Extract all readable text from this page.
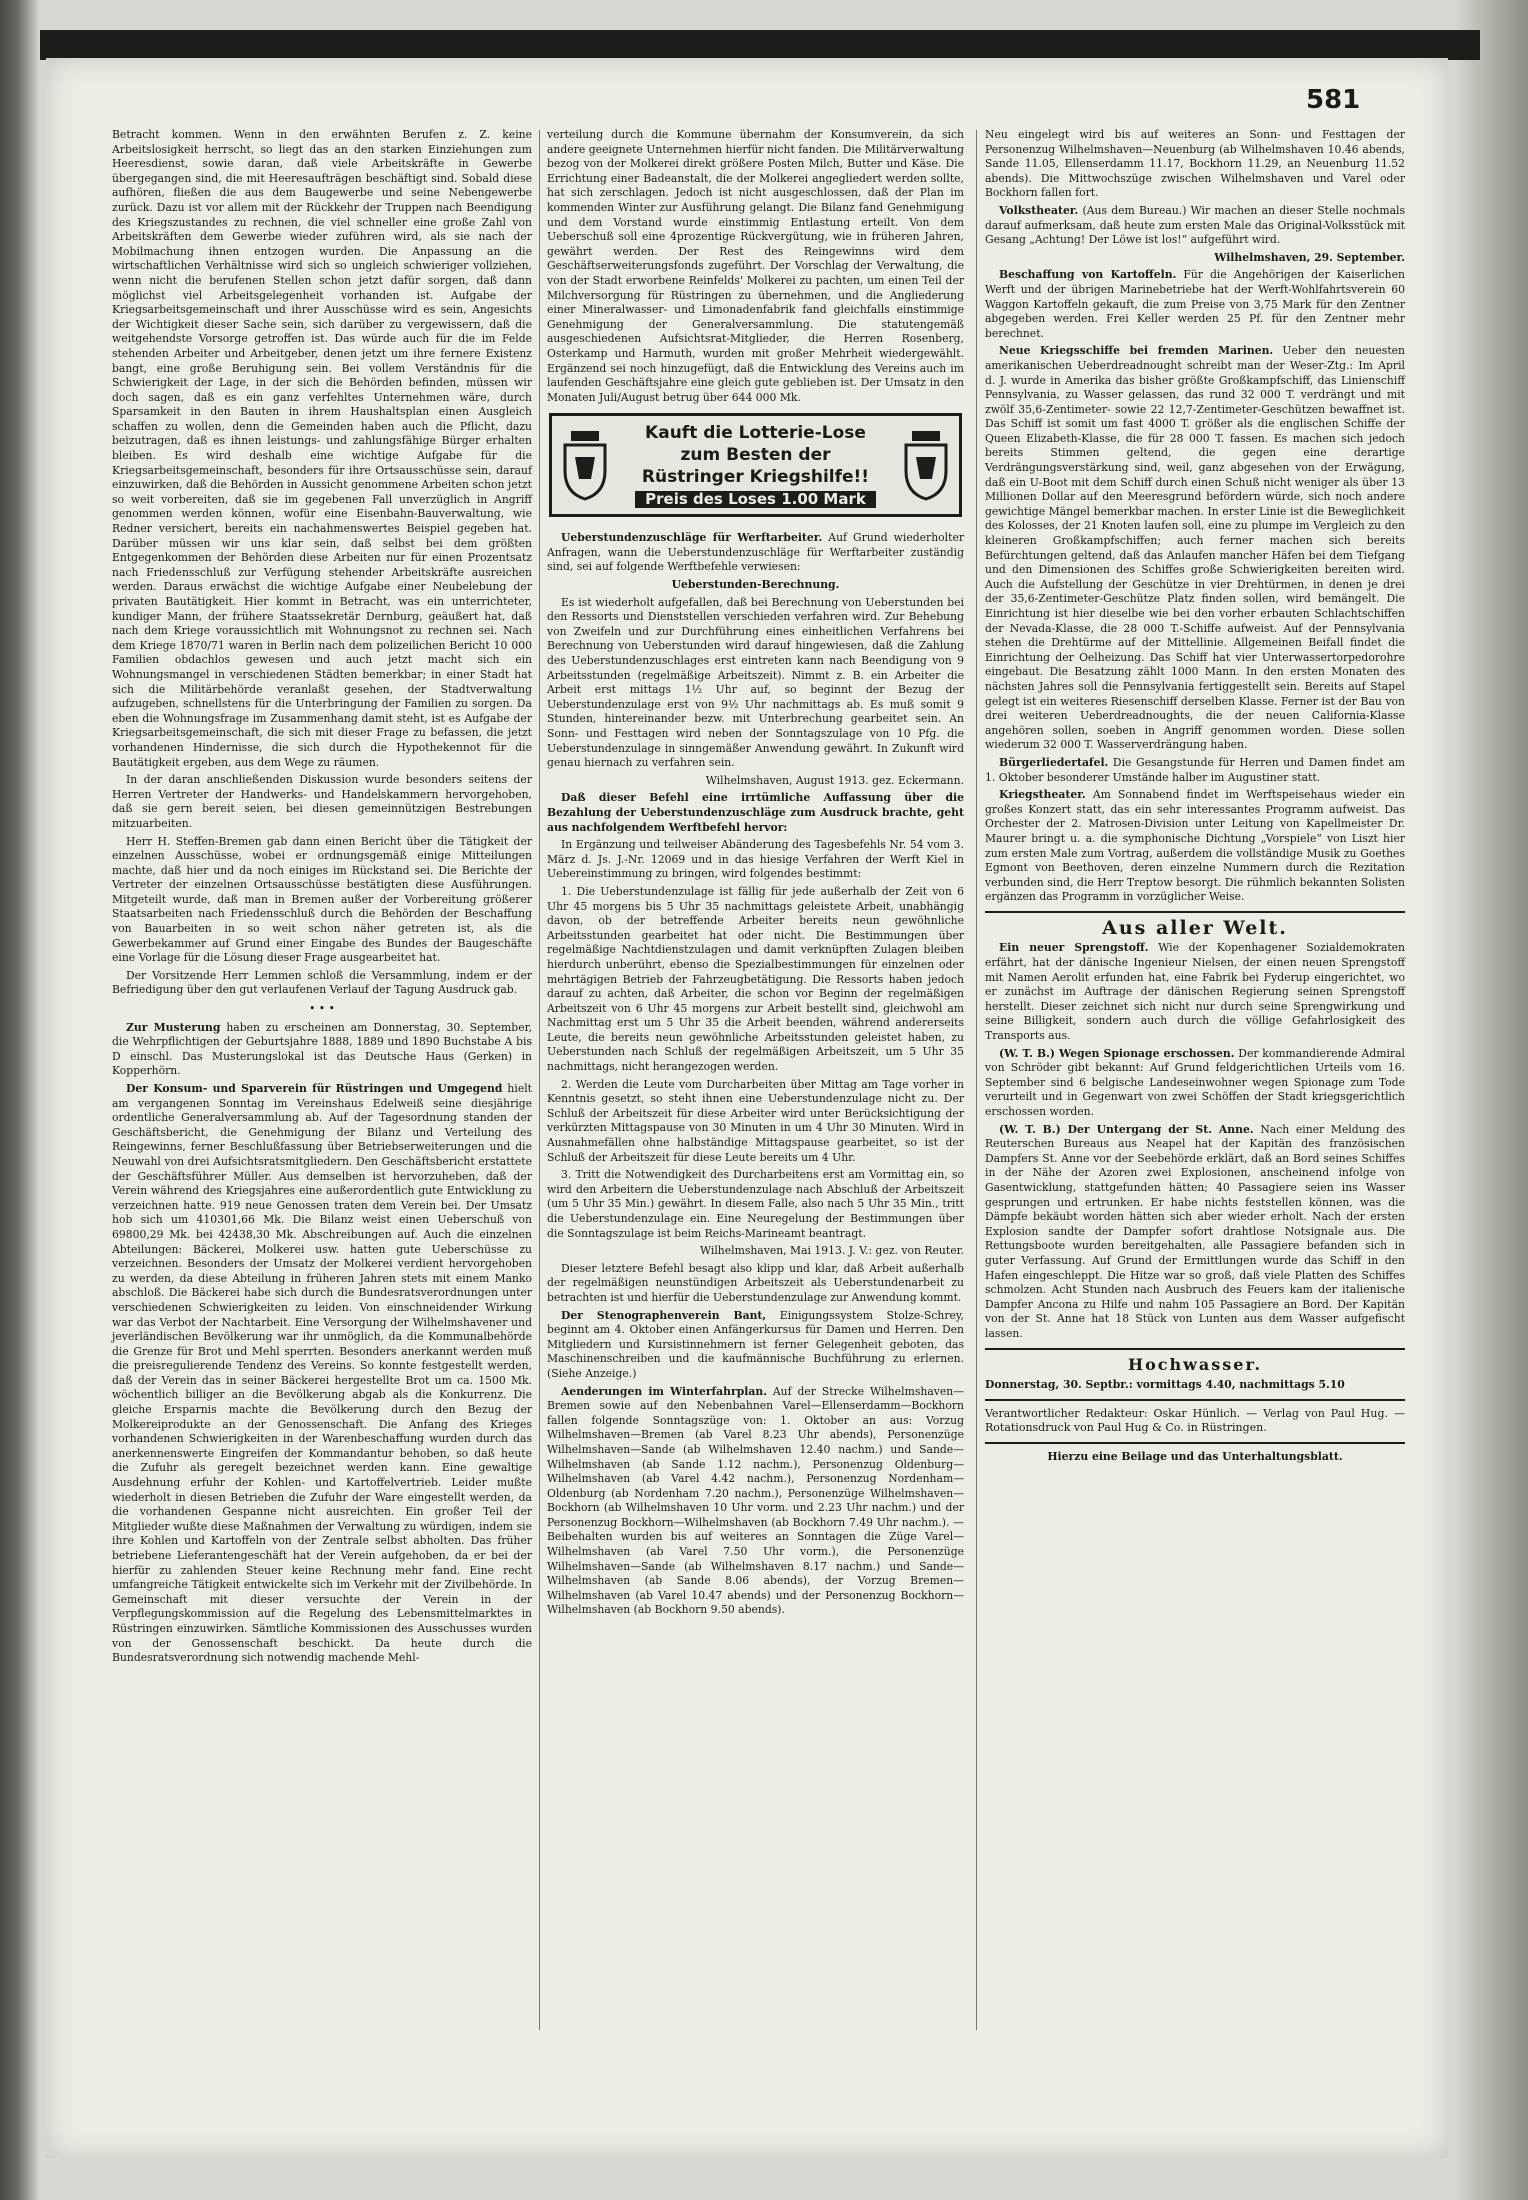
581

Betracht kommen. Wenn in den erwähnten Berufen z. Z. keine Arbeitslosigkeit herrscht, so liegt das an den starken Einziehungen zum Heeresdienst, sowie daran, daß viele Arbeitskräfte in Gewerbe übergegangen sind, die mit Heeresaufträgen beschäftigt sind. Sobald diese aufhören, fließen die aus dem Baugewerbe und seine Nebengewerbe zurück. Dazu ist vor allem mit der Rückkehr der Truppen nach Beendigung des Kriegszustandes zu rechnen, die viel schneller eine große Zahl von Arbeitskräften dem Gewerbe wieder zuführen wird, als sie nach der Mobilmachung ihnen entzogen wurden. Die Anpassung an die wirtschaftlichen Verhältnisse wird sich so ungleich schwieriger vollziehen, wenn nicht die berufenen Stellen schon jetzt dafür sorgen, daß dann möglichst viel Arbeitsgelegenheit vorhanden ist. Aufgabe der Kriegsarbeitsgemeinschaft und ihrer Ausschüsse wird es sein, Angesichts der Wichtigkeit dieser Sache sein, sich darüber zu vergewissern, daß die weitgehendste Vorsorge getroffen ist. Das würde auch für die im Felde stehenden Arbeiter und Arbeitgeber, denen jetzt um ihre fernere Existenz bangt, eine große Beruhigung sein. Bei vollem Verständnis für die Schwierigkeit der Lage, in der sich die Behörden befinden, müssen wir doch sagen, daß es ein ganz verfehltes Unternehmen wäre, durch Sparsamkeit in den Bauten in ihrem Haushaltsplan einen Ausgleich schaffen zu wollen, denn die Gemeinden haben auch die Pflicht, dazu beizutragen, daß es ihnen leistungs- und zahlungsfähige Bürger erhalten bleiben. Es wird deshalb eine wichtige Aufgabe für die Kriegsarbeitsgemeinschaft, besonders für ihre Ortsausschüsse sein, darauf einzuwirken, daß die Behörden in Aussicht genommene Arbeiten schon jetzt so weit vorbereiten, daß sie im gegebenen Fall unverzüglich in Angriff genommen werden können, wofür eine Eisenbahn-Bauverwaltung, wie Redner versichert, bereits ein nachahmenswertes Beispiel gegeben hat. Darüber müssen wir uns klar sein, daß selbst bei dem größten Entgegenkommen der Behörden diese Arbeiten nur für einen Prozentsatz nach Friedensschluß zur Verfügung stehender Arbeitskräfte ausreichen werden. Daraus erwächst die wichtige Aufgabe einer Neubelebung der privaten Bautätigkeit. Hier kommt in Betracht, was ein unterrichteter, kundiger Mann, der frühere Staatssekretär Dernburg, geäußert hat, daß nach dem Kriege voraussichtlich mit Wohnungsnot zu rechnen sei. Nach dem Kriege 1870/71 waren in Berlin nach dem polizeilichen Bericht 10 000 Familien obdachlos gewesen und auch jetzt macht sich ein Wohnungsmangel in verschiedenen Städten bemerkbar; in einer Stadt hat sich die Militärbehörde veranlaßt gesehen, der Stadtverwaltung aufzugeben, schnellstens für die Unterbringung der Familien zu sorgen. Da eben die Wohnungsfrage im Zusammenhang damit steht, ist es Aufgabe der Kriegsarbeitsgemeinschaft, die sich mit dieser Frage zu befassen, die jetzt vorhandenen Hindernisse, die sich durch die Hypothekennot für die Bautätigkeit ergeben, aus dem Wege zu räumen.

In der daran anschließenden Diskussion wurde besonders seitens der Herren Vertreter der Handwerks- und Handelskammern hervorgehoben, daß sie gern bereit seien, bei diesen gemeinnützigen Bestrebungen mitzuarbeiten.

Herr H. Steffen-Bremen gab dann einen Bericht über die Tätigkeit der einzelnen Ausschüsse, wobei er ordnungsgemäß einige Mitteilungen machte, daß hier und da noch einiges im Rückstand sei. Die Berichte der Vertreter der einzelnen Ortsausschüsse bestätigten diese Ausführungen. Mitgeteilt wurde, daß man in Bremen außer der Vorbereitung größerer Staatsarbeiten nach Friedensschluß durch die Behörden der Beschaffung von Bauarbeiten in so weit schon näher getreten ist, als die Gewerbekammer auf Grund einer Eingabe des Bundes der Baugeschäfte eine Vorlage für die Lösung dieser Frage ausgearbeitet hat.

Der Vorsitzende Herr Lemmen schloß die Versammlung, indem er der Befriedigung über den gut verlaufenen Verlauf der Tagung Ausdruck gab.

• • •

Zur Musterung haben zu erscheinen am Donnerstag, 30. September, die Wehrpflichtigen der Geburtsjahre 1888, 1889 und 1890 Buchstabe A bis D einschl. Das Musterungslokal ist das Deutsche Haus (Gerken) in Kopperhörn.

Der Konsum- und Sparverein für Rüstringen und Umgegend hielt am vergangenen Sonntag im Vereinshaus Edelweiß seine diesjährige ordentliche Generalversammlung ab. Auf der Tagesordnung standen der Geschäftsbericht, die Genehmigung der Bilanz und Verteilung des Reingewinns, ferner Beschlußfassung über Betriebserweiterungen und die Neuwahl von drei Aufsichtsratsmitgliedern. Den Geschäftsbericht erstattete der Geschäftsführer Müller. Aus demselben ist hervorzuheben, daß der Verein während des Kriegsjahres eine außerordentlich gute Entwicklung zu verzeichnen hatte. 919 neue Genossen traten dem Verein bei. Der Umsatz hob sich um 410301,66 Mk. Die Bilanz weist einen Ueberschuß von 69800,29 Mk. bei 42438,30 Mk. Abschreibungen auf. Auch die einzelnen Abteilungen: Bäckerei, Molkerei usw. hatten gute Ueberschüsse zu verzeichnen. Besonders der Umsatz der Molkerei verdient hervorgehoben zu werden, da diese Abteilung in früheren Jahren stets mit einem Manko abschloß. Die Bäckerei habe sich durch die Bundesratsverordnungen unter verschiedenen Schwierigkeiten zu leiden. Von einschneidender Wirkung war das Verbot der Nachtarbeit. Eine Versorgung der Wilhelmshavener und jeverländischen Bevölkerung war ihr unmöglich, da die Kommunalbehörde die Grenze für Brot und Mehl sperrten. Besonders anerkannt werden muß die preisregulierende Tendenz des Vereins. So konnte festgestellt werden, daß der Verein das in seiner Bäckerei hergestellte Brot um ca. 1500 Mk. wöchentlich billiger an die Bevölkerung abgab als die Konkurrenz. Die gleiche Ersparnis machte die Bevölkerung durch den Bezug der Molkereiprodukte an der Genossenschaft. Die Anfang des Krieges vorhandenen Schwierigkeiten in der Warenbeschaffung wurden durch das anerkennenswerte Eingreifen der Kommandantur behoben, so daß heute die Zufuhr als geregelt bezeichnet werden kann. Eine gewaltige Ausdehnung erfuhr der Kohlen- und Kartoffelvertrieb. Leider mußte wiederholt in diesen Betrieben die Zufuhr der Ware eingestellt werden, da die vorhandenen Gespanne nicht ausreichten. Ein großer Teil der Mitglieder wußte diese Maßnahmen der Verwaltung zu würdigen, indem sie ihre Kohlen und Kartoffeln von der Zentrale selbst abholten. Das früher betriebene Lieferantengeschäft hat der Verein aufgehoben, da er bei der hierfür zu zahlenden Steuer keine Rechnung mehr fand. Eine recht umfangreiche Tätigkeit entwickelte sich im Verkehr mit der Zivilbehörde. In Gemeinschaft mit dieser versuchte der Verein in der Verpflegungskommission auf die Regelung des Lebensmittelmarktes in Rüstringen einzuwirken. Sämtliche Kommissionen des Ausschusses wurden von der Genossenschaft beschickt. Da heute durch die Bundesratsverordnung sich notwendig machende Mehl-

verteilung durch die Kommune übernahm der Konsumverein, da sich andere geeignete Unternehmen hierfür nicht fanden. Die Militärverwaltung bezog von der Molkerei direkt größere Posten Milch, Butter und Käse. Die Errichtung einer Badeanstalt, die der Molkerei angegliedert werden sollte, hat sich zerschlagen. Jedoch ist nicht ausgeschlossen, daß der Plan im kommenden Winter zur Ausführung gelangt. Die Bilanz fand Genehmigung und dem Vorstand wurde einstimmig Entlastung erteilt. Von dem Ueberschuß soll eine 4prozentige Rückvergütung, wie in früheren Jahren, gewährt werden. Der Rest des Reingewinns wird dem Geschäftserweiterungsfonds zugeführt. Der Vorschlag der Verwaltung, die von der Stadt erworbene Reinfelds' Molkerei zu pachten, um einen Teil der Milchversorgung für Rüstringen zu übernehmen, und die Angliederung einer Mineralwasser- und Limonadenfabrik fand gleichfalls einstimmige Genehmigung der Generalversammlung. Die statutengemäß ausgeschiedenen Aufsichtsrat-Mitglieder, die Herren Rosenberg, Osterkamp und Harmuth, wurden mit großer Mehrheit wiedergewählt. Ergänzend sei noch hinzugefügt, daß die Entwicklung des Vereins auch im laufenden Geschäftsjahre eine gleich gute geblieben ist. Der Umsatz in den Monaten Juli/August betrug über 644 000 Mk.

Kauft die Lotterie-Lose
zum Besten der
Rüstringer Kriegshilfe!!
Preis des Loses 1.00 Mark

Ueberstundenzuschläge für Werftarbeiter. Auf Grund wiederholter Anfragen, wann die Ueberstundenzuschläge für Werftarbeiter zuständig sind, sei auf folgende Werftbefehle verwiesen:

Ueberstunden-Berechnung.

Es ist wiederholt aufgefallen, daß bei Berechnung von Ueberstunden bei den Ressorts und Dienststellen verschieden verfahren wird. Zur Behebung von Zweifeln und zur Durchführung eines einheitlichen Verfahrens bei Berechnung von Ueberstunden wird darauf hingewiesen, daß die Zahlung des Ueberstundenzuschlages erst eintreten kann nach Beendigung von 9 Arbeitsstunden (regelmäßige Arbeitszeit). Nimmt z. B. ein Arbeiter die Arbeit erst mittags 1½ Uhr auf, so beginnt der Bezug der Ueberstundenzulage erst von 9½ Uhr nachmittags ab. Es muß somit 9 Stunden, hintereinander bezw. mit Unterbrechung gearbeitet sein. An Sonn- und Festtagen wird neben der Sonntagszulage von 10 Pfg. die Ueberstundenzulage in sinngemäßer Anwendung gewährt. In Zukunft wird genau hiernach zu verfahren sein.

Wilhelmshaven, August 1913. gez. Eckermann.

Daß dieser Befehl eine irrtümliche Auffassung über die Bezahlung der Ueberstundenzuschläge zum Ausdruck brachte, geht aus nachfolgendem Werftbefehl hervor:

In Ergänzung und teilweiser Abänderung des Tagesbefehls Nr. 54 vom 3. März d. Js. J.-Nr. 12069 und in das hiesige Verfahren der Werft Kiel in Uebereinstimmung zu bringen, wird folgendes bestimmt:

1. Die Ueberstundenzulage ist fällig für jede außerhalb der Zeit von 6 Uhr 45 morgens bis 5 Uhr 35 nachmittags geleistete Arbeit, unabhängig davon, ob der betreffende Arbeiter bereits neun gewöhnliche Arbeitsstunden gearbeitet hat oder nicht. Die Bestimmungen über regelmäßige Nachtdienstzulagen und damit verknüpften Zulagen bleiben hierdurch unberührt, ebenso die Spezialbestimmungen für einzelnen oder mehrtägigen Betrieb der Fahrzeugbetätigung. Die Ressorts haben jedoch darauf zu achten, daß Arbeiter, die schon vor Beginn der regelmäßigen Arbeitszeit von 6 Uhr 45 morgens zur Arbeit bestellt sind, gleichwohl am Nachmittag erst um 5 Uhr 35 die Arbeit beenden, während andererseits Leute, die bereits neun gewöhnliche Arbeitsstunden geleistet haben, zu Ueberstunden nach Schluß der regelmäßigen Arbeitszeit, um 5 Uhr 35 nachmittags, nicht herangezogen werden.

2. Werden die Leute vom Durcharbeiten über Mittag am Tage vorher in Kenntnis gesetzt, so steht ihnen eine Ueberstundenzulage nicht zu. Der Schluß der Arbeitszeit für diese Arbeiter wird unter Berücksichtigung der verkürzten Mittagspause von 30 Minuten in um 4 Uhr 30 Minuten. Wird in Ausnahmefällen ohne halbständige Mittagspause gearbeitet, so ist der Schluß der Arbeitszeit für diese Leute bereits um 4 Uhr.

3. Tritt die Notwendigkeit des Durcharbeitens erst am Vormittag ein, so wird den Arbeitern die Ueberstundenzulage nach Abschluß der Arbeitszeit (um 5 Uhr 35 Min.) gewährt. In diesem Falle, also nach 5 Uhr 35 Min., tritt die Ueberstundenzulage ein. Eine Neuregelung der Bestimmungen über die Sonntagszulage ist beim Reichs-Marineamt beantragt.

Wilhelmshaven, Mai 1913. J. V.: gez. von Reuter.

Dieser letztere Befehl besagt also klipp und klar, daß Arbeit außerhalb der regelmäßigen neunstündigen Arbeitszeit als Ueberstundenarbeit zu betrachten ist und hierfür die Ueberstundenzulage zur Anwendung kommt.

Der Stenographenverein Bant, Einigungssystem Stolze-Schrey, beginnt am 4. Oktober einen Anfängerkursus für Damen und Herren. Den Mitgliedern und Kursistinnehmern ist ferner Gelegenheit geboten, das Maschinenschreiben und die kaufmännische Buchführung zu erlernen. (Siehe Anzeige.)

Aenderungen im Winterfahrplan. Auf der Strecke Wilhelmshaven—Bremen sowie auf den Nebenbahnen Varel—Ellenserdamm—Bockhorn fallen folgende Sonntagszüge von: 1. Oktober an aus: Vorzug Wilhelmshaven—Bremen (ab Varel 8.23 Uhr abends), Personenzüge Wilhelmshaven—Sande (ab Wilhelmshaven 12.40 nachm.) und Sande—Wilhelmshaven (ab Sande 1.12 nachm.), Personenzug Oldenburg—Wilhelmshaven (ab Varel 4.42 nachm.), Personenzug Nordenham—Oldenburg (ab Nordenham 7.20 nachm.), Personenzüge Wilhelmshaven—Bockhorn (ab Wilhelmshaven 10 Uhr vorm. und 2.23 Uhr nachm.) und der Personenzug Bockhorn—Wilhelmshaven (ab Bockhorn 7.49 Uhr nachm.). — Beibehalten wurden bis auf weiteres an Sonntagen die Züge Varel—Wilhelmshaven (ab Varel 7.50 Uhr vorm.), die Personenzüge Wilhelmshaven—Sande (ab Wilhelmshaven 8.17 nachm.) und Sande—Wilhelmshaven (ab Sande 8.06 abends), der Vorzug Bremen—Wilhelmshaven (ab Varel 10.47 abends) und der Personenzug Bockhorn—Wilhelmshaven (ab Bockhorn 9.50 abends).

Neu eingelegt wird bis auf weiteres an Sonn- und Festtagen der Personenzug Wilhelmshaven—Neuenburg (ab Wilhelmshaven 10.46 abends, Sande 11.05, Ellenserdamm 11.17, Bockhorn 11.29, an Neuenburg 11.52 abends). Die Mittwochszüge zwischen Wilhelmshaven und Varel oder Bockhorn fallen fort.

Volkstheater. (Aus dem Bureau.) Wir machen an dieser Stelle nochmals darauf aufmerksam, daß heute zum ersten Male das Original-Volksstück mit Gesang „Achtung! Der Löwe ist los!“ aufgeführt wird.

Wilhelmshaven, 29. September.

Beschaffung von Kartoffeln. Für die Angehörigen der Kaiserlichen Werft und der übrigen Marinebetriebe hat der Werft-Wohlfahrtsverein 60 Waggon Kartoffeln gekauft, die zum Preise von 3,75 Mark für den Zentner abgegeben werden. Frei Keller werden 25 Pf. für den Zentner mehr berechnet.

Neue Kriegsschiffe bei fremden Marinen. Ueber den neuesten amerikanischen Ueberdreadnought schreibt man der Weser-Ztg.: Im April d. J. wurde in Amerika das bisher größte Großkampfschiff, das Linienschiff Pennsylvania, zu Wasser gelassen, das rund 32 000 T. verdrängt und mit zwölf 35,6-Zentimeter- sowie 22 12,7-Zentimeter-Geschützen bewaffnet ist. Das Schiff ist somit um fast 4000 T. größer als die englischen Schiffe der Queen Elizabeth-Klasse, die für 28 000 T. fassen. Es machen sich jedoch bereits Stimmen geltend, die gegen eine derartige Verdrängungsverstärkung sind, weil, ganz abgesehen von der Erwägung, daß ein U-Boot mit dem Schiff durch einen Schuß nicht weniger als über 13 Millionen Dollar auf den Meeresgrund befördern würde, sich noch andere gewichtige Mängel bemerkbar machen. In erster Linie ist die Beweglichkeit des Kolosses, der 21 Knoten laufen soll, eine zu plumpe im Vergleich zu den kleineren Großkampfschiffen; auch ferner machen sich bereits Befürchtungen geltend, daß das Anlaufen mancher Häfen bei dem Tiefgang und den Dimensionen des Schiffes große Schwierigkeiten bereiten wird. Auch die Aufstellung der Geschütze in vier Drehtürmen, in denen je drei der 35,6-Zentimeter-Geschütze Platz finden sollen, wird bemängelt. Die Einrichtung ist hier dieselbe wie bei den vorher erbauten Schlachtschiffen der Nevada-Klasse, die 28 000 T.-Schiffe aufweist. Auf der Pennsylvania stehen die Drehtürme auf der Mittellinie. Allgemeinen Beifall findet die Einrichtung der Oelheizung. Das Schiff hat vier Unterwassertorpedorohre eingebaut. Die Besatzung zählt 1000 Mann. In den ersten Monaten des nächsten Jahres soll die Pennsylvania fertiggestellt sein. Bereits auf Stapel gelegt ist ein weiteres Riesenschiff derselben Klasse. Ferner ist der Bau von drei weiteren Ueberdreadnoughts, die der neuen California-Klasse angehören sollen, soeben in Angriff genommen worden. Diese sollen wiederum 32 000 T. Wasserverdrängung haben.

Bürgerliedertafel. Die Gesangstunde für Herren und Damen findet am 1. Oktober besonderer Umstände halber im Augustiner statt.

Kriegstheater. Am Sonnabend findet im Werftspeisehaus wieder ein großes Konzert statt, das ein sehr interessantes Programm aufweist. Das Orchester der 2. Matrosen-Division unter Leitung von Kapellmeister Dr. Maurer bringt u. a. die symphonische Dichtung „Vorspiele“ von Liszt hier zum ersten Male zum Vortrag, außerdem die vollständige Musik zu Goethes Egmont von Beethoven, deren einzelne Nummern durch die Rezitation verbunden sind, die Herr Treptow besorgt. Die rühmlich bekannten Solisten ergänzen das Programm in vorzüglicher Weise.

Aus aller Welt.

Ein neuer Sprengstoff. Wie der Kopenhagener Sozialdemokraten erfährt, hat der dänische Ingenieur Nielsen, der einen neuen Sprengstoff mit Namen Aerolit erfunden hat, eine Fabrik bei Fyderup eingerichtet, wo er zunächst im Auftrage der dänischen Regierung seinen Sprengstoff herstellt. Dieser zeichnet sich nicht nur durch seine Sprengwirkung und seine Billigkeit, sondern auch durch die völlige Gefahrlosigkeit des Transports aus.

(W. T. B.) Wegen Spionage erschossen. Der kommandierende Admiral von Schröder gibt bekannt: Auf Grund feldgerichtlichen Urteils vom 16. September sind 6 belgische Landeseinwohner wegen Spionage zum Tode verurteilt und in Gegenwart von zwei Schöffen der Stadt kriegsgerichtlich erschossen worden.

(W. T. B.) Der Untergang der St. Anne. Nach einer Meldung des Reuterschen Bureaus aus Neapel hat der Kapitän des französischen Dampfers St. Anne vor der Seebehörde erklärt, daß an Bord seines Schiffes in der Nähe der Azoren zwei Explosionen, anscheinend infolge von Gasentwicklung, stattgefunden hätten; 40 Passagiere seien ins Wasser gesprungen und ertrunken. Er habe nichts feststellen können, was die Dämpfe bekäubt worden hätten sich aber wieder erholt. Nach der ersten Explosion sandte der Dampfer sofort drahtlose Notsignale aus. Die Rettungsboote wurden bereitgehalten, alle Passagiere befanden sich in guter Verfassung. Auf Grund der Ermittlungen wurde das Schiff in den Hafen eingeschleppt. Die Hitze war so groß, daß viele Platten des Schiffes schmolzen. Acht Stunden nach Ausbruch des Feuers kam der italienische Dampfer Ancona zu Hilfe und nahm 105 Passagiere an Bord. Der Kapitän von der St. Anne hat 18 Stück von Lunten aus dem Wasser aufgefischt lassen.

Hochwasser.

Donnerstag, 30. Septbr.: vormittags 4.40, nachmittags 5.10

Verantwortlicher Redakteur: Oskar Hünlich. — Verlag von Paul Hug. — Rotationsdruck von Paul Hug & Co. in Rüstringen.

Hierzu eine Beilage und das Unterhaltungsblatt.
